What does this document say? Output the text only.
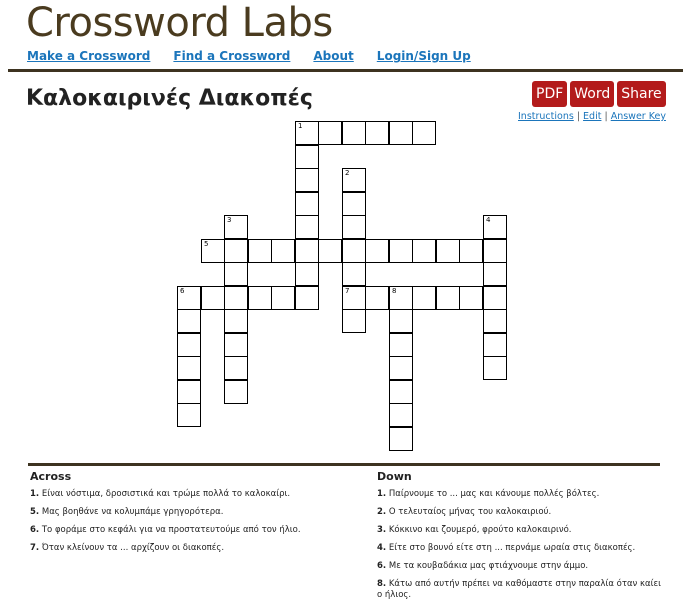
Crossword Labs
Make a Crossword Find a Crossword About Login/Sign Up
Καλοκαιρινές Διακοπές	PDF Word Share
Instructions | Edit | Answer Key
1
2
7
3	4
5
6	8
Across
1. Είναι νόστιμα, δροσιστικά και τρώμε πολλά το καλοκαίρι.
5. Μας βοηθάνε να κολυμπάμε γρηγορότερα.
6. Το φοράμε στο κεφάλι για να προστατευτούμε από τον ήλιο.
7. Όταν κλείνουν τα ... αρχίζουν οι διακοπές.
Down
1. Παίρνουμε το ... μας και κάνουμε πολλές βόλτες.
2. Ο τελευταίος μήνας του καλοκαιριού.
3. Κόκκινο και ζουμερό, φρούτο καλοκαιρινό.
4. Είτε στο βουνό είτε στη ... περνάμε ωραία στις διακοπές.
6. Με τα κουβαδάκια μας φτιάχνουμε στην άμμο.
8. Κάτω από αυτήν πρέπει να καθόμαστε στην παραλία όταν καίει ο ήλιος.
